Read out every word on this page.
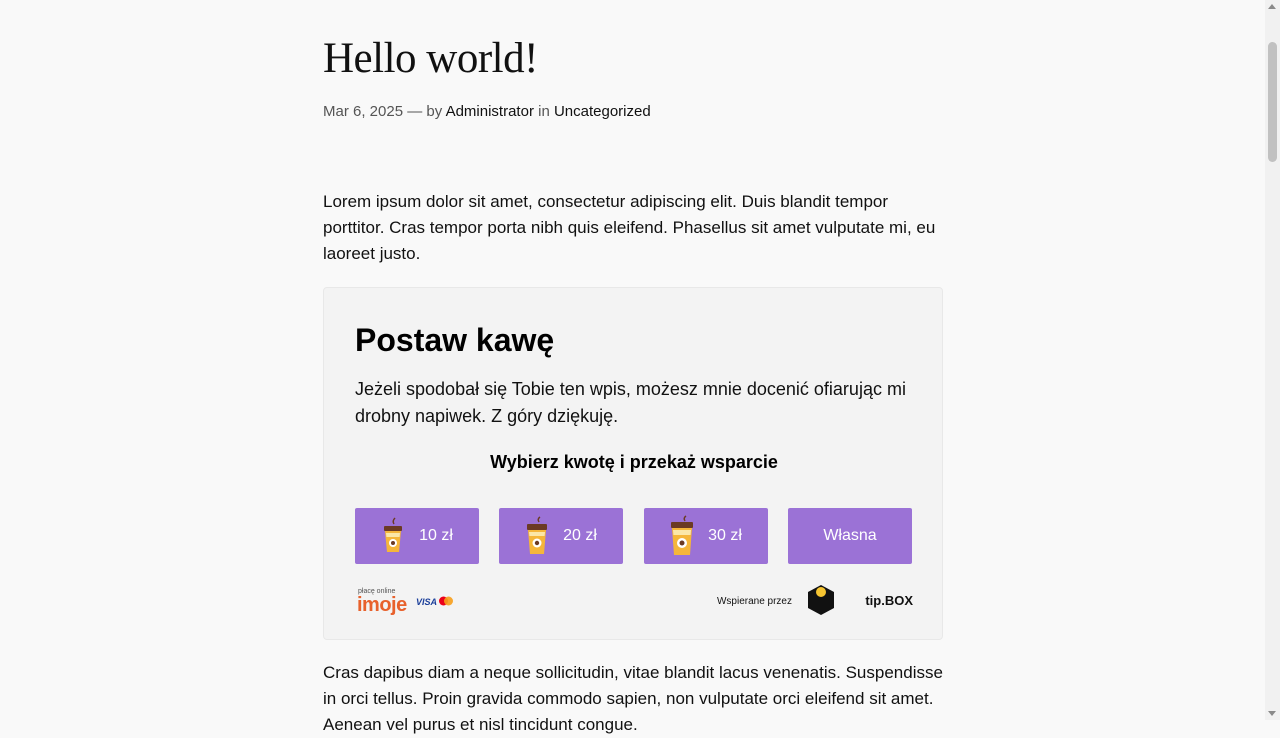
Hello world!
Mar 6, 2025 — by Administrator in Uncategorized

Lorem ipsum dolor sit amet, consectetur adipiscing elit. Duis blandit tempor porttitor. Cras tempor porta nibh quis eleifend. Phasellus sit amet vulputate mi, eu laoreet justo.

Postaw kawę
Jeżeli spodobał się Tobie ten wpis, możesz mnie docenić ofiarując mi drobny napiwek. Z góry dziękuję.
Wybierz kwotę i przekaż wsparcie
10 zł	20 zł	30 zł	Własna
płacę online
imoje VISA	Wspierane przez	tip.BOX

Cras dapibus diam a neque sollicitudin, vitae blandit lacus venenatis. Suspendisse in orci tellus. Proin gravida commodo sapien, non vulputate orci eleifend sit amet. Aenean vel purus et nisl tincidunt congue.
